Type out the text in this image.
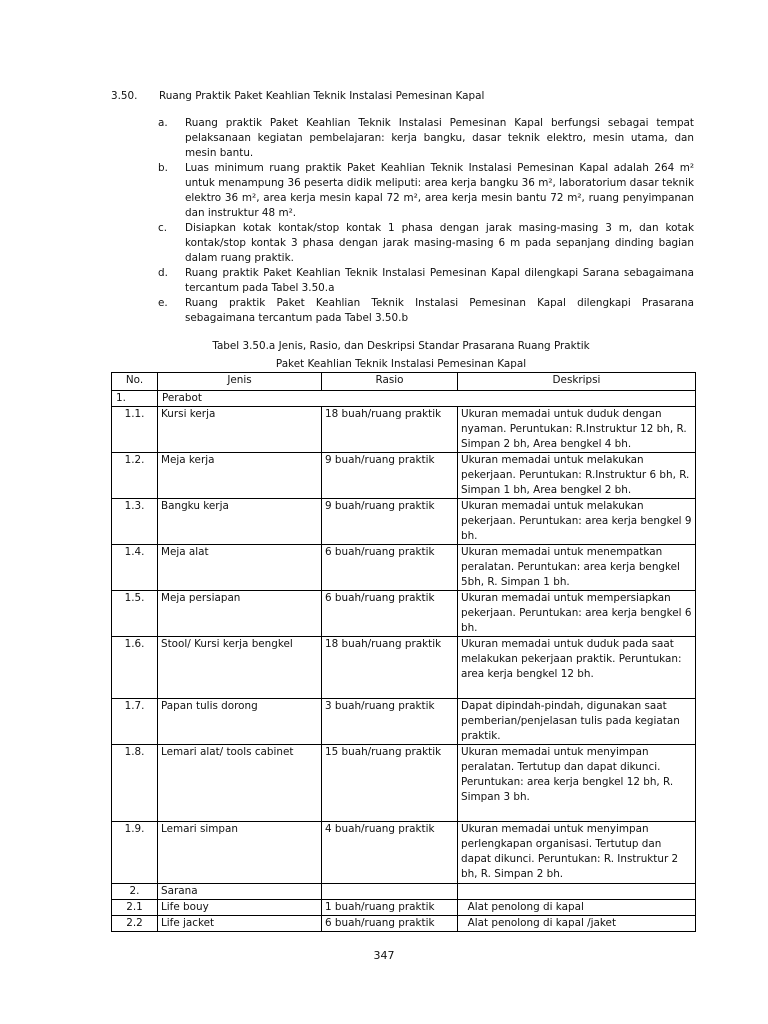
3.50. Ruang Praktik Paket Keahlian Teknik Instalasi Pemesinan Kapal
a. Ruang praktik Paket Keahlian Teknik Instalasi Pemesinan Kapal berfungsi sebagai tempat pelaksanaan kegiatan pembelajaran: kerja bangku, dasar teknik elektro, mesin utama, dan mesin bantu.
b. Luas minimum ruang praktik Paket Keahlian Teknik Instalasi Pemesinan Kapal adalah 264 m² untuk menampung 36 peserta didik meliputi: area kerja bangku 36 m², laboratorium dasar teknik elektro 36 m², area kerja mesin kapal 72 m², area kerja mesin bantu 72 m², ruang penyimpanan dan instruktur 48 m².
c. Disiapkan kotak kontak/stop kontak 1 phasa dengan jarak masing-masing 3 m, dan kotak kontak/stop kontak 3 phasa dengan jarak masing-masing 6 m pada sepanjang dinding bagian dalam ruang praktik.
d. Ruang praktik Paket Keahlian Teknik Instalasi Pemesinan Kapal dilengkapi Sarana sebagaimana tercantum pada Tabel 3.50.a
e. Ruang praktik Paket Keahlian Teknik Instalasi Pemesinan Kapal dilengkapi Prasarana sebagaimana tercantum pada Tabel 3.50.b
Tabel 3.50.a Jenis, Rasio, dan Deskripsi Standar Prasarana Ruang Praktik
Paket Keahlian Teknik Instalasi Pemesinan Kapal
No.	Jenis	Rasio	Deskripsi
1.	Perabot		
1.1.	Kursi kerja	18 buah/ruang praktik	Ukuran memadai untuk duduk dengan nyaman. Peruntukan: R.Instruktur 12 bh, R. Simpan 2 bh, Area bengkel 4 bh.
1.2.	Meja kerja	9 buah/ruang praktik	Ukuran memadai untuk melakukan pekerjaan. Peruntukan: R.Instruktur 6 bh, R. Simpan 1 bh, Area bengkel 2 bh.
1.3.	Bangku kerja	9 buah/ruang praktik	Ukuran memadai untuk melakukan pekerjaan. Peruntukan: area kerja bengkel 9 bh.
1.4.	Meja alat	6 buah/ruang praktik	Ukuran memadai untuk menempatkan peralatan. Peruntukan: area kerja bengkel 5bh, R. Simpan 1 bh.
1.5.	Meja persiapan	6 buah/ruang praktik	Ukuran memadai untuk mempersiapkan pekerjaan. Peruntukan: area kerja bengkel 6 bh.
1.6.	Stool/ Kursi kerja bengkel	18 buah/ruang praktik	Ukuran memadai untuk duduk pada saat melakukan pekerjaan praktik. Peruntukan: area kerja bengkel 12 bh.
1.7.	Papan tulis dorong	3 buah/ruang praktik	Dapat dipindah-pindah, digunakan saat pemberian/penjelasan tulis pada kegiatan praktik.
1.8.	Lemari alat/ tools cabinet	15 buah/ruang praktik	Ukuran memadai untuk menyimpan peralatan. Tertutup dan dapat dikunci. Peruntukan: area kerja bengkel 12 bh, R. Simpan 3 bh.
1.9.	Lemari simpan	4 buah/ruang praktik	Ukuran memadai untuk menyimpan perlengkapan organisasi. Tertutup dan dapat dikunci. Peruntukan: R. Instruktur 2 bh, R. Simpan 2 bh.
2.	Sarana		
2.1	Life bouy	1 buah/ruang praktik	Alat penolong di kapal
2.2	Life jacket	6 buah/ruang praktik	Alat penolong di kapal /jaket
347
